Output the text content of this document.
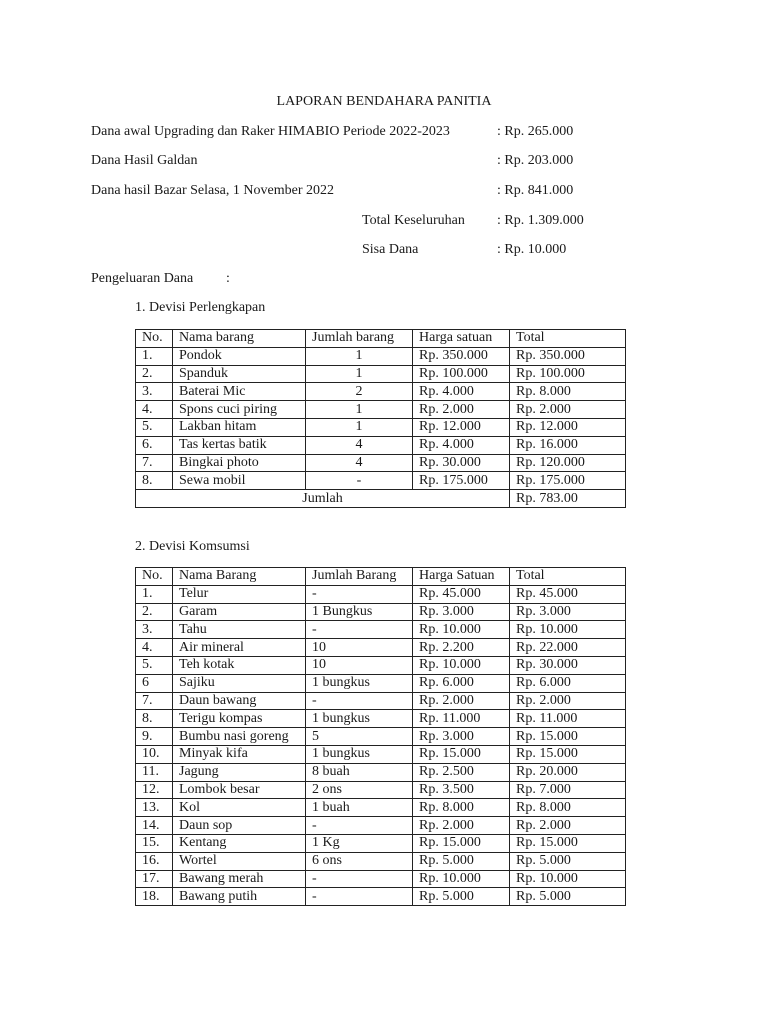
LAPORAN BENDAHARA PANITIA
Dana awal Upgrading dan Raker HIMABIO Periode 2022-2023	: Rp. 265.000
Dana Hasil Galdan	: Rp. 203.000
Dana hasil Bazar Selasa, 1 November 2022	: Rp. 841.000
Total Keseluruhan : Rp. 1.309.000
Sisa Dana	: Rp. 10.000
Pengeluaran Dana :
1. Devisi Perlengkapan
No.	Nama barang	Jumlah barang	Harga satuan	Total
1.	Pondok	1	Rp. 350.000	Rp. 350.000
2.	Spanduk	1	Rp. 100.000	Rp. 100.000
3.	Baterai Mic	2	Rp. 4.000	Rp. 8.000
4.	Spons cuci piring	1	Rp. 2.000	Rp. 2.000
5.	Lakban hitam	1	Rp. 12.000	Rp. 12.000
6.	Tas kertas batik	4	Rp. 4.000	Rp. 16.000
7.	Bingkai photo	4	Rp. 30.000	Rp. 120.000
8.	Sewa mobil	-	Rp. 175.000	Rp. 175.000
Jumlah				Rp. 783.00
2. Devisi Komsumsi
No.	Nama Barang	Jumlah Barang	Harga Satuan	Total
1.	Telur	-	Rp. 45.000	Rp. 45.000
2.	Garam	1 Bungkus	Rp. 3.000	Rp. 3.000
3.	Tahu	-	Rp. 10.000	Rp. 10.000
4.	Air mineral	10	Rp. 2.200	Rp. 22.000
5.	Teh kotak	10	Rp. 10.000	Rp. 30.000
6	Sajiku	1 bungkus	Rp. 6.000	Rp. 6.000
7.	Daun bawang	-	Rp. 2.000	Rp. 2.000
8.	Terigu kompas	1 bungkus	Rp. 11.000	Rp. 11.000
9.	Bumbu nasi goreng	5	Rp. 3.000	Rp. 15.000
10.	Minyak kifa	1 bungkus	Rp. 15.000	Rp. 15.000
11.	Jagung	8 buah	Rp. 2.500	Rp. 20.000
12.	Lombok besar	2 ons	Rp. 3.500	Rp. 7.000
13.	Kol	1 buah	Rp. 8.000	Rp. 8.000
14.	Daun sop	-	Rp. 2.000	Rp. 2.000
15.	Kentang	1 Kg	Rp. 15.000	Rp. 15.000
16.	Wortel	6 ons	Rp. 5.000	Rp. 5.000
17.	Bawang merah	-	Rp. 10.000	Rp. 10.000
18.	Bawang putih	-	Rp. 5.000	Rp. 5.000
